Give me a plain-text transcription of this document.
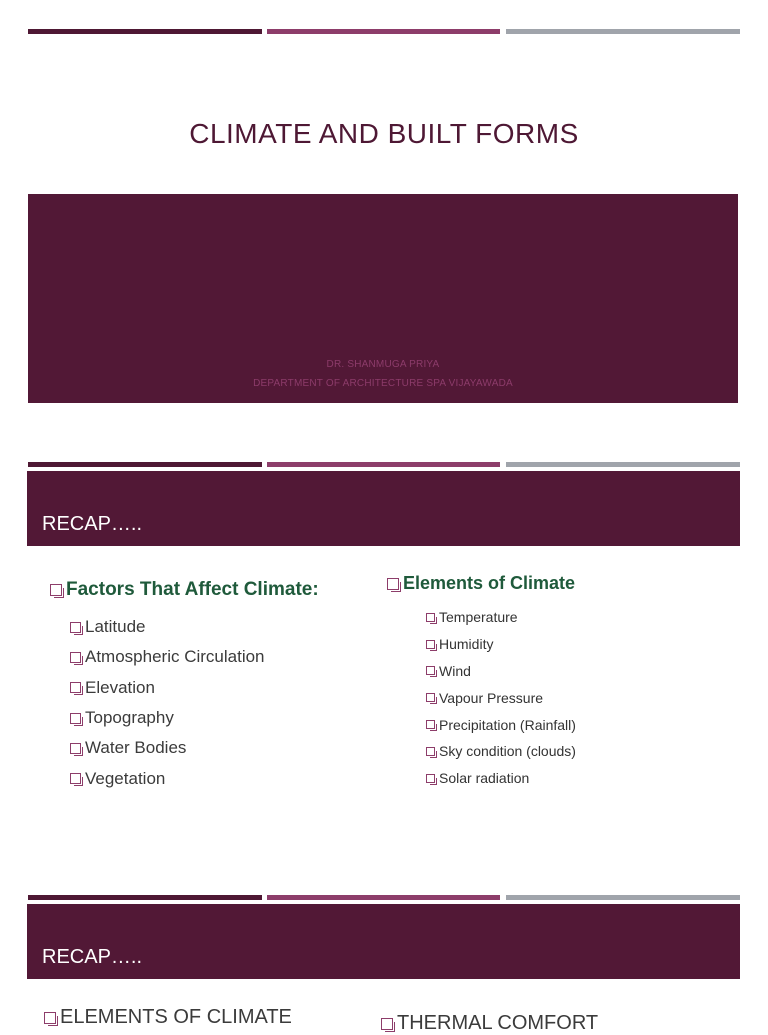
CLIMATE AND BUILT FORMS
DR. SHANMUGA PRIYA
DEPARTMENT OF ARCHITECTURE SPA VIJAYAWADA
RECAP…..
Factors That Affect Climate:
Latitude
Atmospheric Circulation
Elevation
Topography
Water Bodies
Vegetation
Elements of Climate
Temperature
Humidity
Wind
Vapour Pressure
Precipitation (Rainfall)
Sky condition (clouds)
Solar radiation
RECAP…..
ELEMENTS OF CLIMATE	THERMAL COMFORT
